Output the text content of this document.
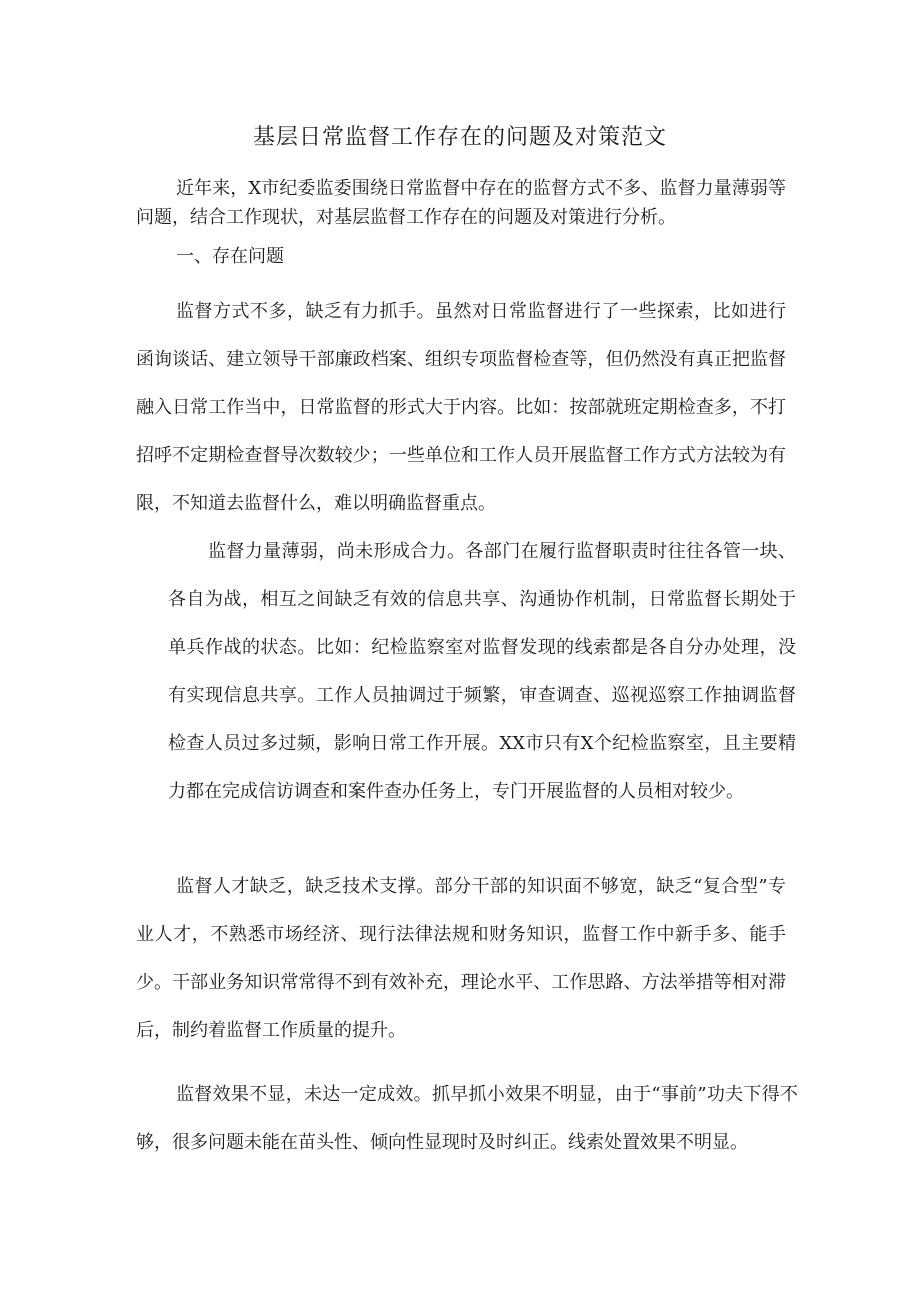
基层日常监督工作存在的问题及对策范文

近年来，X市纪委监委围绕日常监督中存在的监督方式不多、监督力量薄弱等问题，结合工作现状，对基层监督工作存在的问题及对策进行分析。

一、存在问题

监督方式不多，缺乏有力抓手。虽然对日常监督进行了一些探索，比如进行函询谈话、建立领导干部廉政档案、组织专项监督检查等，但仍然没有真正把监督融入日常工作当中，日常监督的形式大于内容。比如：按部就班定期检查多，不打招呼不定期检查督导次数较少；一些单位和工作人员开展监督工作方式方法较为有限，不知道去监督什么，难以明确监督重点。

监督力量薄弱，尚未形成合力。各部门在履行监督职责时往往各管一块、各自为战，相互之间缺乏有效的信息共享、沟通协作机制，日常监督长期处于单兵作战的状态。比如：纪检监察室对监督发现的线索都是各自分办处理，没有实现信息共享。工作人员抽调过于频繁，审查调查、巡视巡察工作抽调监督检查人员过多过频，影响日常工作开展。XX市只有X个纪检监察室，且主要精力都在完成信访调查和案件查办任务上，专门开展监督的人员相对较少。

监督人才缺乏，缺乏技术支撑。部分干部的知识面不够宽，缺乏“复合型”专业人才，不熟悉市场经济、现行法律法规和财务知识，监督工作中新手多、能手少。干部业务知识常常得不到有效补充，理论水平、工作思路、方法举措等相对滞后，制约着监督工作质量的提升。

监督效果不显，未达一定成效。抓早抓小效果不明显，由于“事前”功夫下得不够，很多问题未能在苗头性、倾向性显现时及时纠正。线索处置效果不明显。
